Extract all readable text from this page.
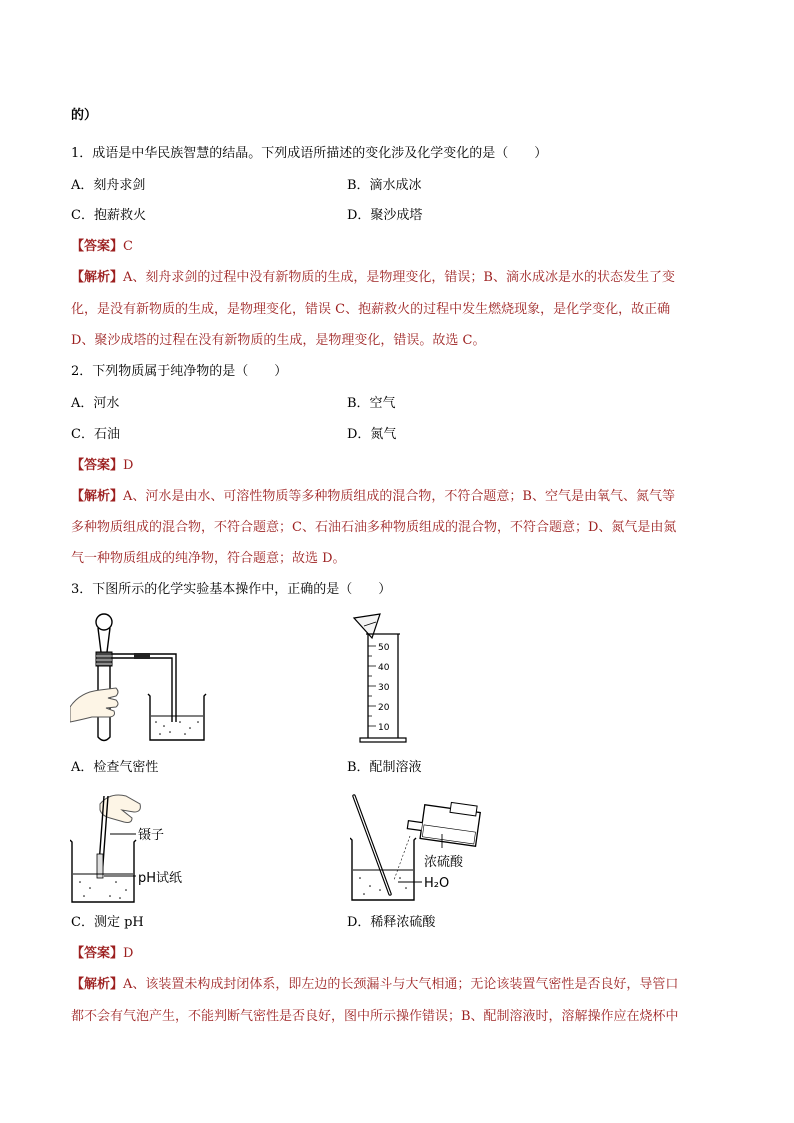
的）
1．成语是中华民族智慧的结晶。下列成语所描述的变化涉及化学变化的是（　　）
A．刻舟求剑	B．滴水成冰
C．抱薪救火	D．聚沙成塔
【答案】C
【解析】A、刻舟求剑的过程中没有新物质的生成，是物理变化，错误；B、滴水成冰是水的状态发生了变
化，是没有新物质的生成，是物理变化，错误 C、抱薪救火的过程中发生燃烧现象，是化学变化，故正确
D、聚沙成塔的过程在没有新物质的生成，是物理变化，错误。故选 C。
2．下列物质属于纯净物的是（　　）
A．河水	B．空气
C．石油	D．氮气
【答案】D
【解析】A、河水是由水、可溶性物质等多种物质组成的混合物，不符合题意；B、空气是由氧气、氮气等
多种物质组成的混合物，不符合题意；C、石油石油多种物质组成的混合物，不符合题意；D、氮气是由氮
气一种物质组成的纯净物，符合题意；故选 D。
3．下图所示的化学实验基本操作中，正确的是（　　）
A．检查气密性
50
40
30
20
10
B．配制溶液
镊子
pH试纸
C．测定 pH
浓硫酸
H₂O
D．稀释浓硫酸
【答案】D
【解析】A、该装置未构成封闭体系，即左边的长颈漏斗与大气相通；无论该装置气密性是否良好，导管口
都不会有气泡产生，不能判断气密性是否良好，图中所示操作错误；B、配制溶液时，溶解操作应在烧杯中
